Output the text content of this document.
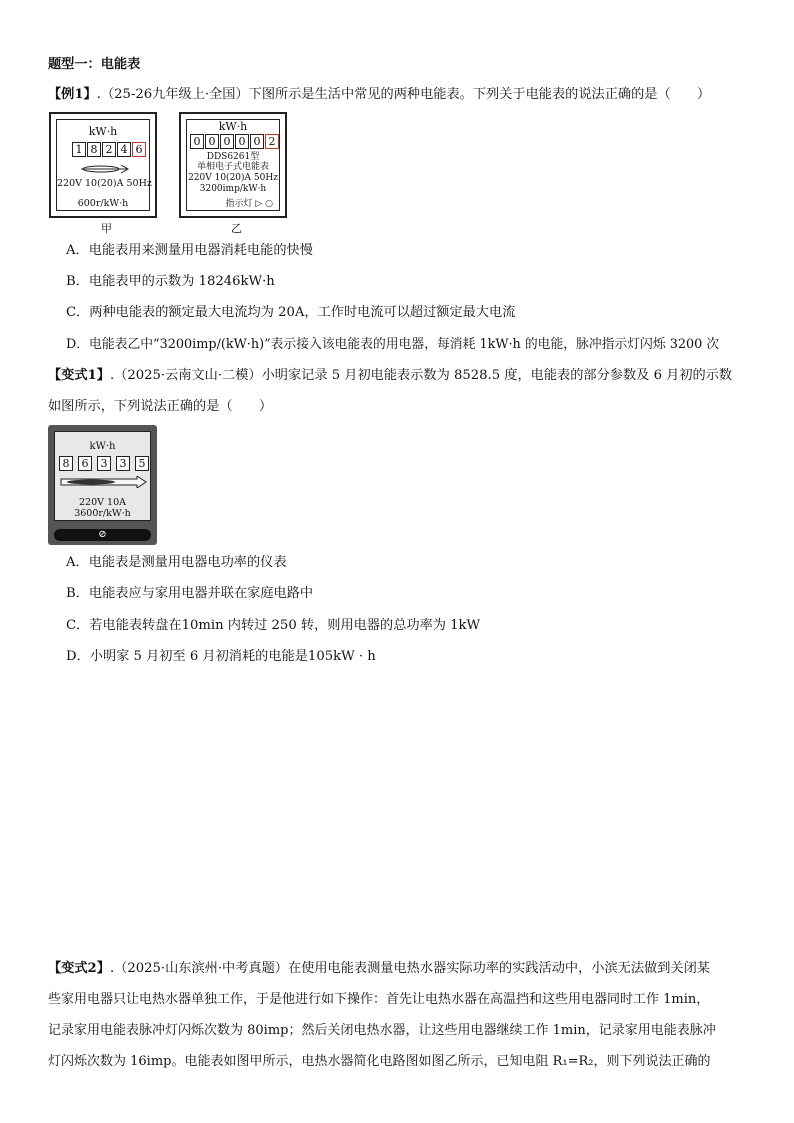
题型一：电能表
【例1】.（25-26九年级上·全国）下图所示是生活中常见的两种电能表。下列关于电能表的说法正确的是（　　）
kW·h
1 8 2 4 6
220V 10(20)A 50Hz
600r/kW·h
甲
kW·h
0 0 0 0 0 2
DDS6261型
单相电子式电能表
220V 10(20)A 50Hz
3200imp/kW·h
指示灯 ▷ ○
乙
A．电能表用来测量用电器消耗电能的快慢
B．电能表甲的示数为 18246kW·h
C．两种电能表的额定最大电流均为 20A，工作时电流可以超过额定最大电流
D．电能表乙中“3200imp/(kW·h)”表示接入该电能表的用电器，每消耗 1kW·h 的电能，脉冲指示灯闪烁 3200 次
【变式1】.（2025·云南文山·二模）小明家记录 5 月初电能表示数为 8528.5 度，电能表的部分参数及 6 月初的示数
如图所示，下列说法正确的是（　　）
kW·h
8	6	3	3	5
220V 10A
3600r/kW·h
⊘
A．电能表是测量用电器电功率的仪表
B．电能表应与家用电器并联在家庭电路中
C．若电能表转盘在10min 内转过 250 转，则用电器的总功率为 1kW
D．小明家 5 月初至 6 月初消耗的电能是105kW · h
【变式2】.（2025·山东滨州·中考真题）在使用电能表测量电热水器实际功率的实践活动中，小滨无法做到关闭某
些家用电器只让电热水器单独工作，于是他进行如下操作：首先让电热水器在高温挡和这些用电器同时工作 1min，
记录家用电能表脉冲灯闪烁次数为 80imp；然后关闭电热水器，让这些用电器继续工作 1min，记录家用电能表脉冲
灯闪烁次数为 16imp。电能表如图甲所示，电热水器简化电路图如图乙所示，已知电阻 R₁=R₂，则下列说法正确的
